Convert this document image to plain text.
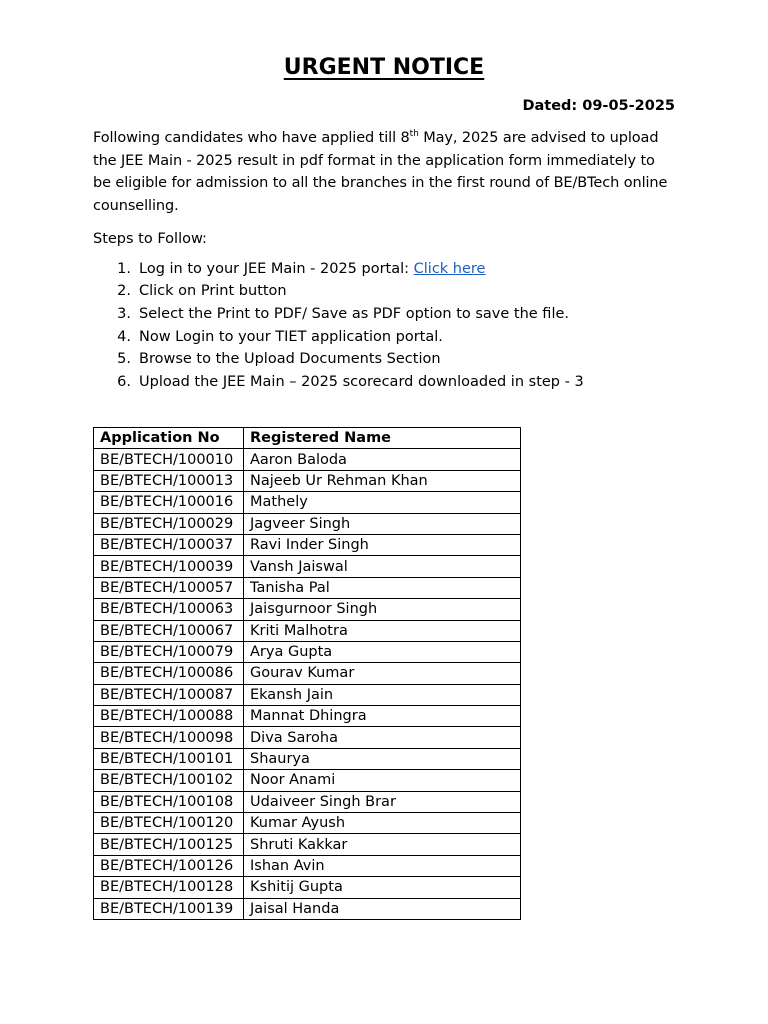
URGENT NOTICE
Dated: 09-05-2025

Following candidates who have applied till 8th May, 2025 are advised to upload the JEE Main - 2025 result in pdf format in the application form immediately to be eligible for admission to all the branches in the first round of BE/BTech online counselling.

Steps to Follow:
1. Log in to your JEE Main - 2025 portal: Click here
2. Click on Print button
3. Select the Print to PDF/ Save as PDF option to save the file.
4. Now Login to your TIET application portal.
5. Browse to the Upload Documents Section
6. Upload the JEE Main – 2025 scorecard downloaded in step - 3
Application No	Registered Name
BE/BTECH/100010	Aaron Baloda
BE/BTECH/100013	Najeeb Ur Rehman Khan
BE/BTECH/100016	Mathely
BE/BTECH/100029	Jagveer Singh
BE/BTECH/100037	Ravi Inder Singh
BE/BTECH/100039	Vansh Jaiswal
BE/BTECH/100057	Tanisha Pal
BE/BTECH/100063	Jaisgurnoor Singh
BE/BTECH/100067	Kriti Malhotra
BE/BTECH/100079	Arya Gupta
BE/BTECH/100086	Gourav Kumar
BE/BTECH/100087	Ekansh Jain
BE/BTECH/100088	Mannat Dhingra
BE/BTECH/100098	Diva Saroha
BE/BTECH/100101	Shaurya
BE/BTECH/100102	Noor Anami
BE/BTECH/100108	Udaiveer Singh Brar
BE/BTECH/100120	Kumar Ayush
BE/BTECH/100125	Shruti Kakkar
BE/BTECH/100126	Ishan Avin
BE/BTECH/100128	Kshitij Gupta
BE/BTECH/100139	Jaisal Handa
